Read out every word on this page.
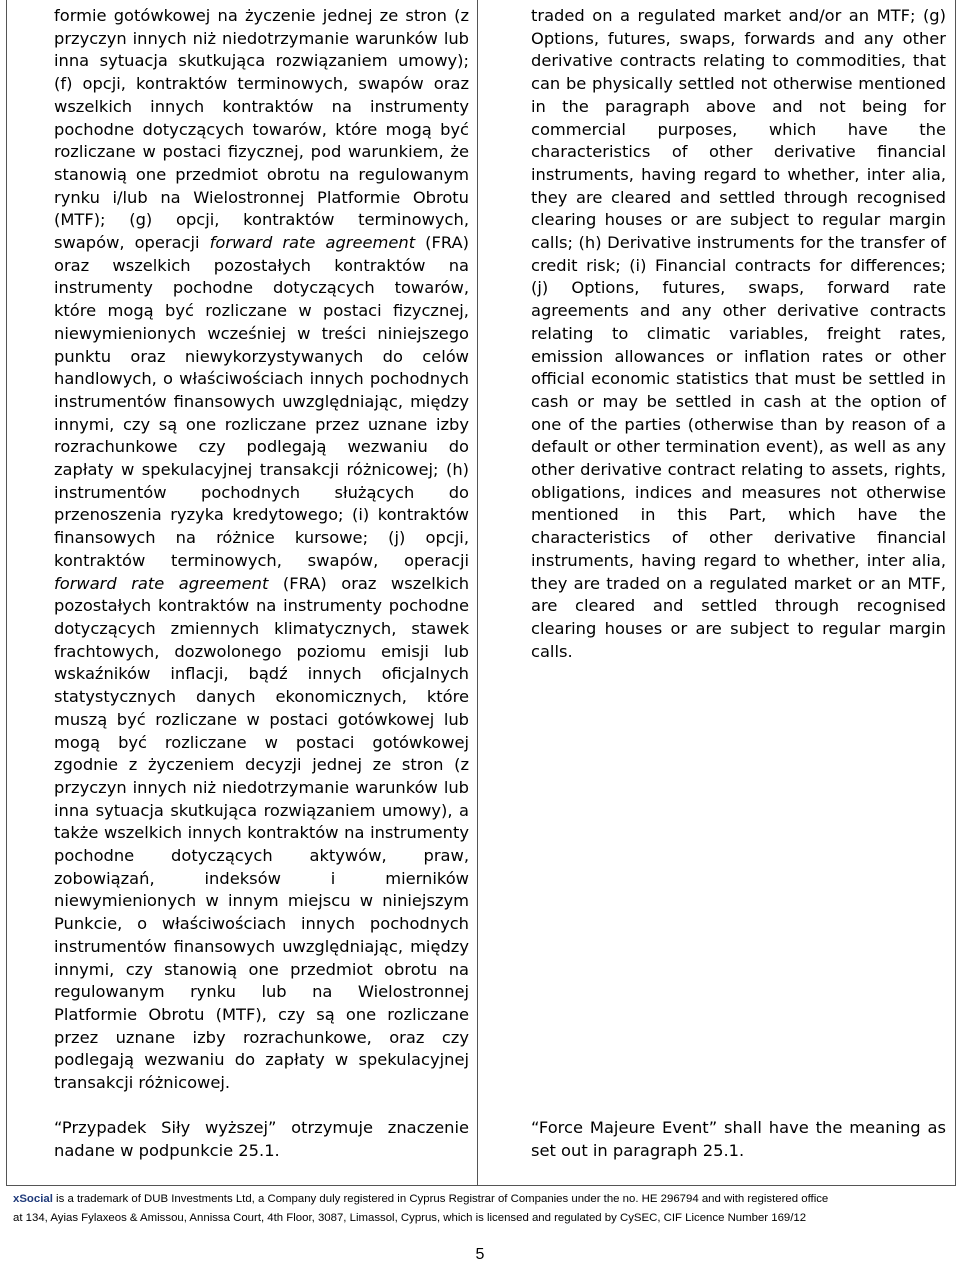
formie gotówkowej na życzenie jednej ze stron (z przyczyn innych niż niedotrzymanie warunków lub inna sytuacja skutkująca rozwiązaniem umowy); (f) opcji, kontraktów terminowych, swapów oraz wszelkich innych kontraktów na instrumenty pochodne dotyczących towarów, które mogą być rozliczane w postaci fizycznej, pod warunkiem, że stanowią one przedmiot obrotu na regulowanym rynku i/lub na Wielostronnej Platformie Obrotu (MTF); (g) opcji, kontraktów terminowych, swapów, operacji forward rate agreement (FRA) oraz wszelkich pozostałych kontraktów na instrumenty pochodne dotyczących towarów, które mogą być rozliczane w postaci fizycznej, niewymienionych wcześniej w treści niniejszego punktu oraz niewykorzystywanych do celów handlowych, o właściwościach innych pochodnych instrumentów finansowych uwzględniając, między innymi, czy są one rozliczane przez uznane izby rozrachunkowe czy podlegają wezwaniu do zapłaty w spekulacyjnej transakcji różnicowej; (h) instrumentów pochodnych służących do przenoszenia ryzyka kredytowego; (i) kontraktów finansowych na różnice kursowe; (j) opcji, kontraktów terminowych, swapów, operacji forward rate agreement (FRA) oraz wszelkich pozostałych kontraktów na instrumenty pochodne dotyczących zmiennych klimatycznych, stawek frachtowych, dozwolonego poziomu emisji lub wskaźników inflacji, bądź innych oficjalnych statystycznych danych ekonomicznych, które muszą być rozliczane w postaci gotówkowej lub mogą być rozliczane w postaci gotówkowej zgodnie z życzeniem decyzji jednej ze stron (z przyczyn innych niż niedotrzymanie warunków lub inna sytuacja skutkująca rozwiązaniem umowy), a także wszelkich innych kontraktów na instrumenty pochodne dotyczących aktywów, praw, zobowiązań, indeksów i mierników niewymienionych w innym miejscu w niniejszym Punkcie, o właściwościach innych pochodnych instrumentów finansowych uwzględniając, między innymi, czy stanowią one przedmiot obrotu na regulowanym rynku lub na Wielostronnej Platformie Obrotu (MTF), czy są one rozliczane przez uznane izby rozrachunkowe, oraz czy podlegają wezwaniu do zapłaty w spekulacyjnej transakcji różnicowej.
traded on a regulated market and/or an MTF; (g) Options, futures, swaps, forwards and any other derivative contracts relating to commodities, that can be physically settled not otherwise mentioned in the paragraph above and not being for commercial purposes, which have the characteristics of other derivative financial instruments, having regard to whether, inter alia, they are cleared and settled through recognised clearing houses or are subject to regular margin calls; (h) Derivative instruments for the transfer of credit risk; (i) Financial contracts for differences; (j) Options, futures, swaps, forward rate agreements and any other derivative contracts relating to climatic variables, freight rates, emission allowances or inflation rates or other official economic statistics that must be settled in cash or may be settled in cash at the option of one of the parties (otherwise than by reason of a default or other termination event), as well as any other derivative contract relating to assets, rights, obligations, indices and measures not otherwise mentioned in this Part, which have the characteristics of other derivative financial instruments, having regard to whether, inter alia, they are traded on a regulated market or an MTF, are cleared and settled through recognised clearing houses or are subject to regular margin calls.
“Przypadek Siły wyższej” otrzymuje znaczenie nadane w podpunkcie 25.1.
“Force Majeure Event” shall have the meaning as set out in paragraph 25.1.
xSocial is a trademark of DUB Investments Ltd, a Company duly registered in Cyprus Registrar of Companies under the no. HE 296794 and with registered office
at 134, Ayias Fylaxeos & Amissou, Annissa Court, 4th Floor, 3087, Limassol, Cyprus, which is licensed and regulated by CySEC, CIF Licence Number 169/12
5
